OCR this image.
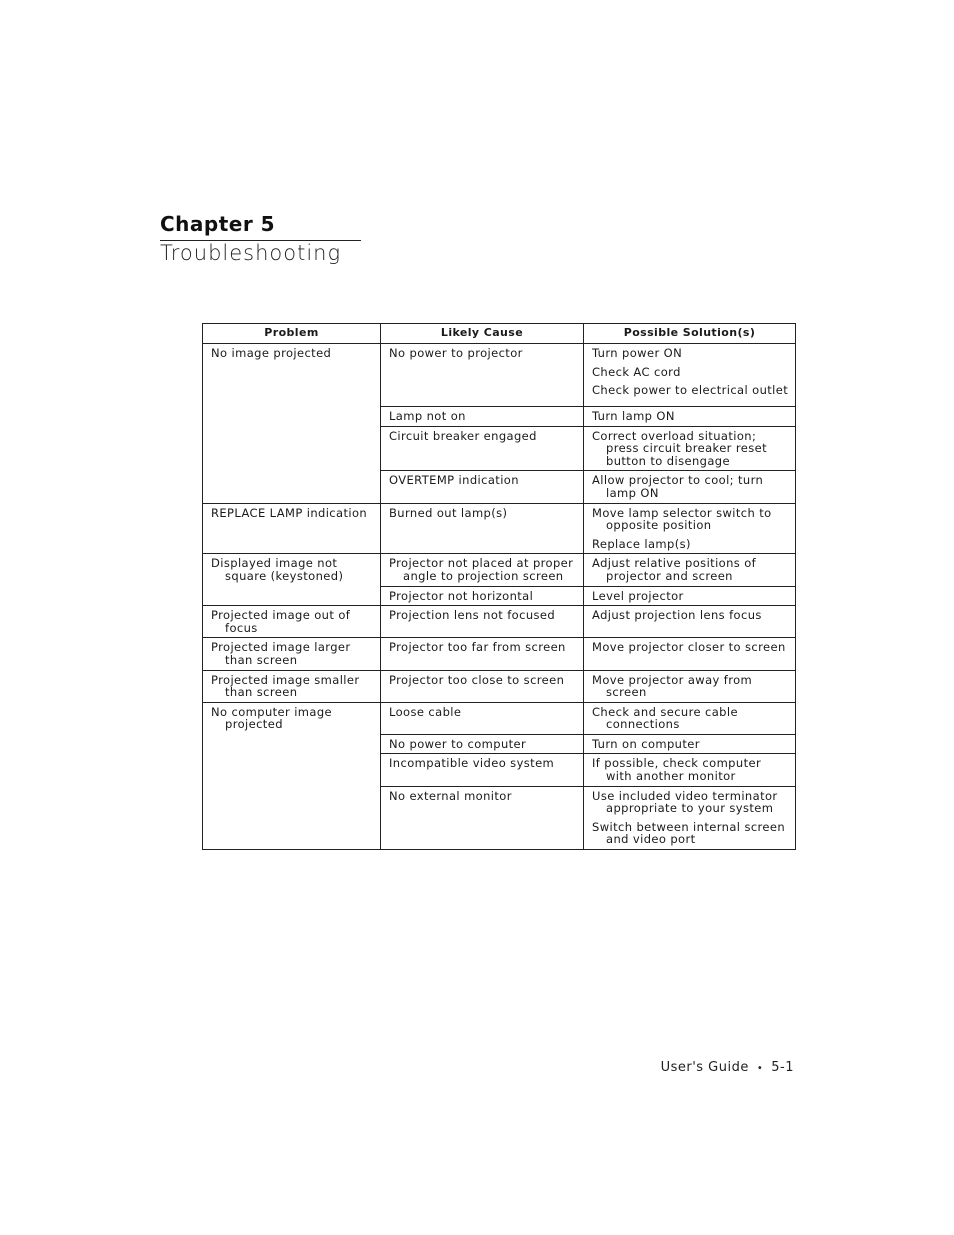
Chapter 5
Troubleshooting
Problem	Likely Cause	Possible Solution(s)

No image projected	No power to projector	Turn power ON
Check AC cord
Check power to electrical outlet

	Lamp not on	Turn lamp ON

	Circuit breaker engaged	Correct overload situation; press circuit breaker reset button to disengage

	OVERTEMP indication	Allow projector to cool; turn lamp ON

REPLACE LAMP indication	Burned out lamp(s)	Move lamp selector switch to opposite position
Replace lamp(s)

Displayed image not square (keystoned)	Projector not placed at proper angle to projection screen	Adjust relative positions of projector and screen

	Projector not horizontal	Level projector

Projected image out of focus	Projection lens not focused	Adjust projection lens focus

Projected image larger than screen	Projector too far from screen	Move projector closer to screen

Projected image smaller than screen	Projector too close to screen	Move projector away from screen

No computer image projected	Loose cable	Check and secure cable connections

	No power to computer	Turn on computer

	Incompatible video system	If possible, check computer with another monitor

	No external monitor	Use included video terminator appropriate to your system
Switch between internal screen and video port
User's Guide • 5-1
